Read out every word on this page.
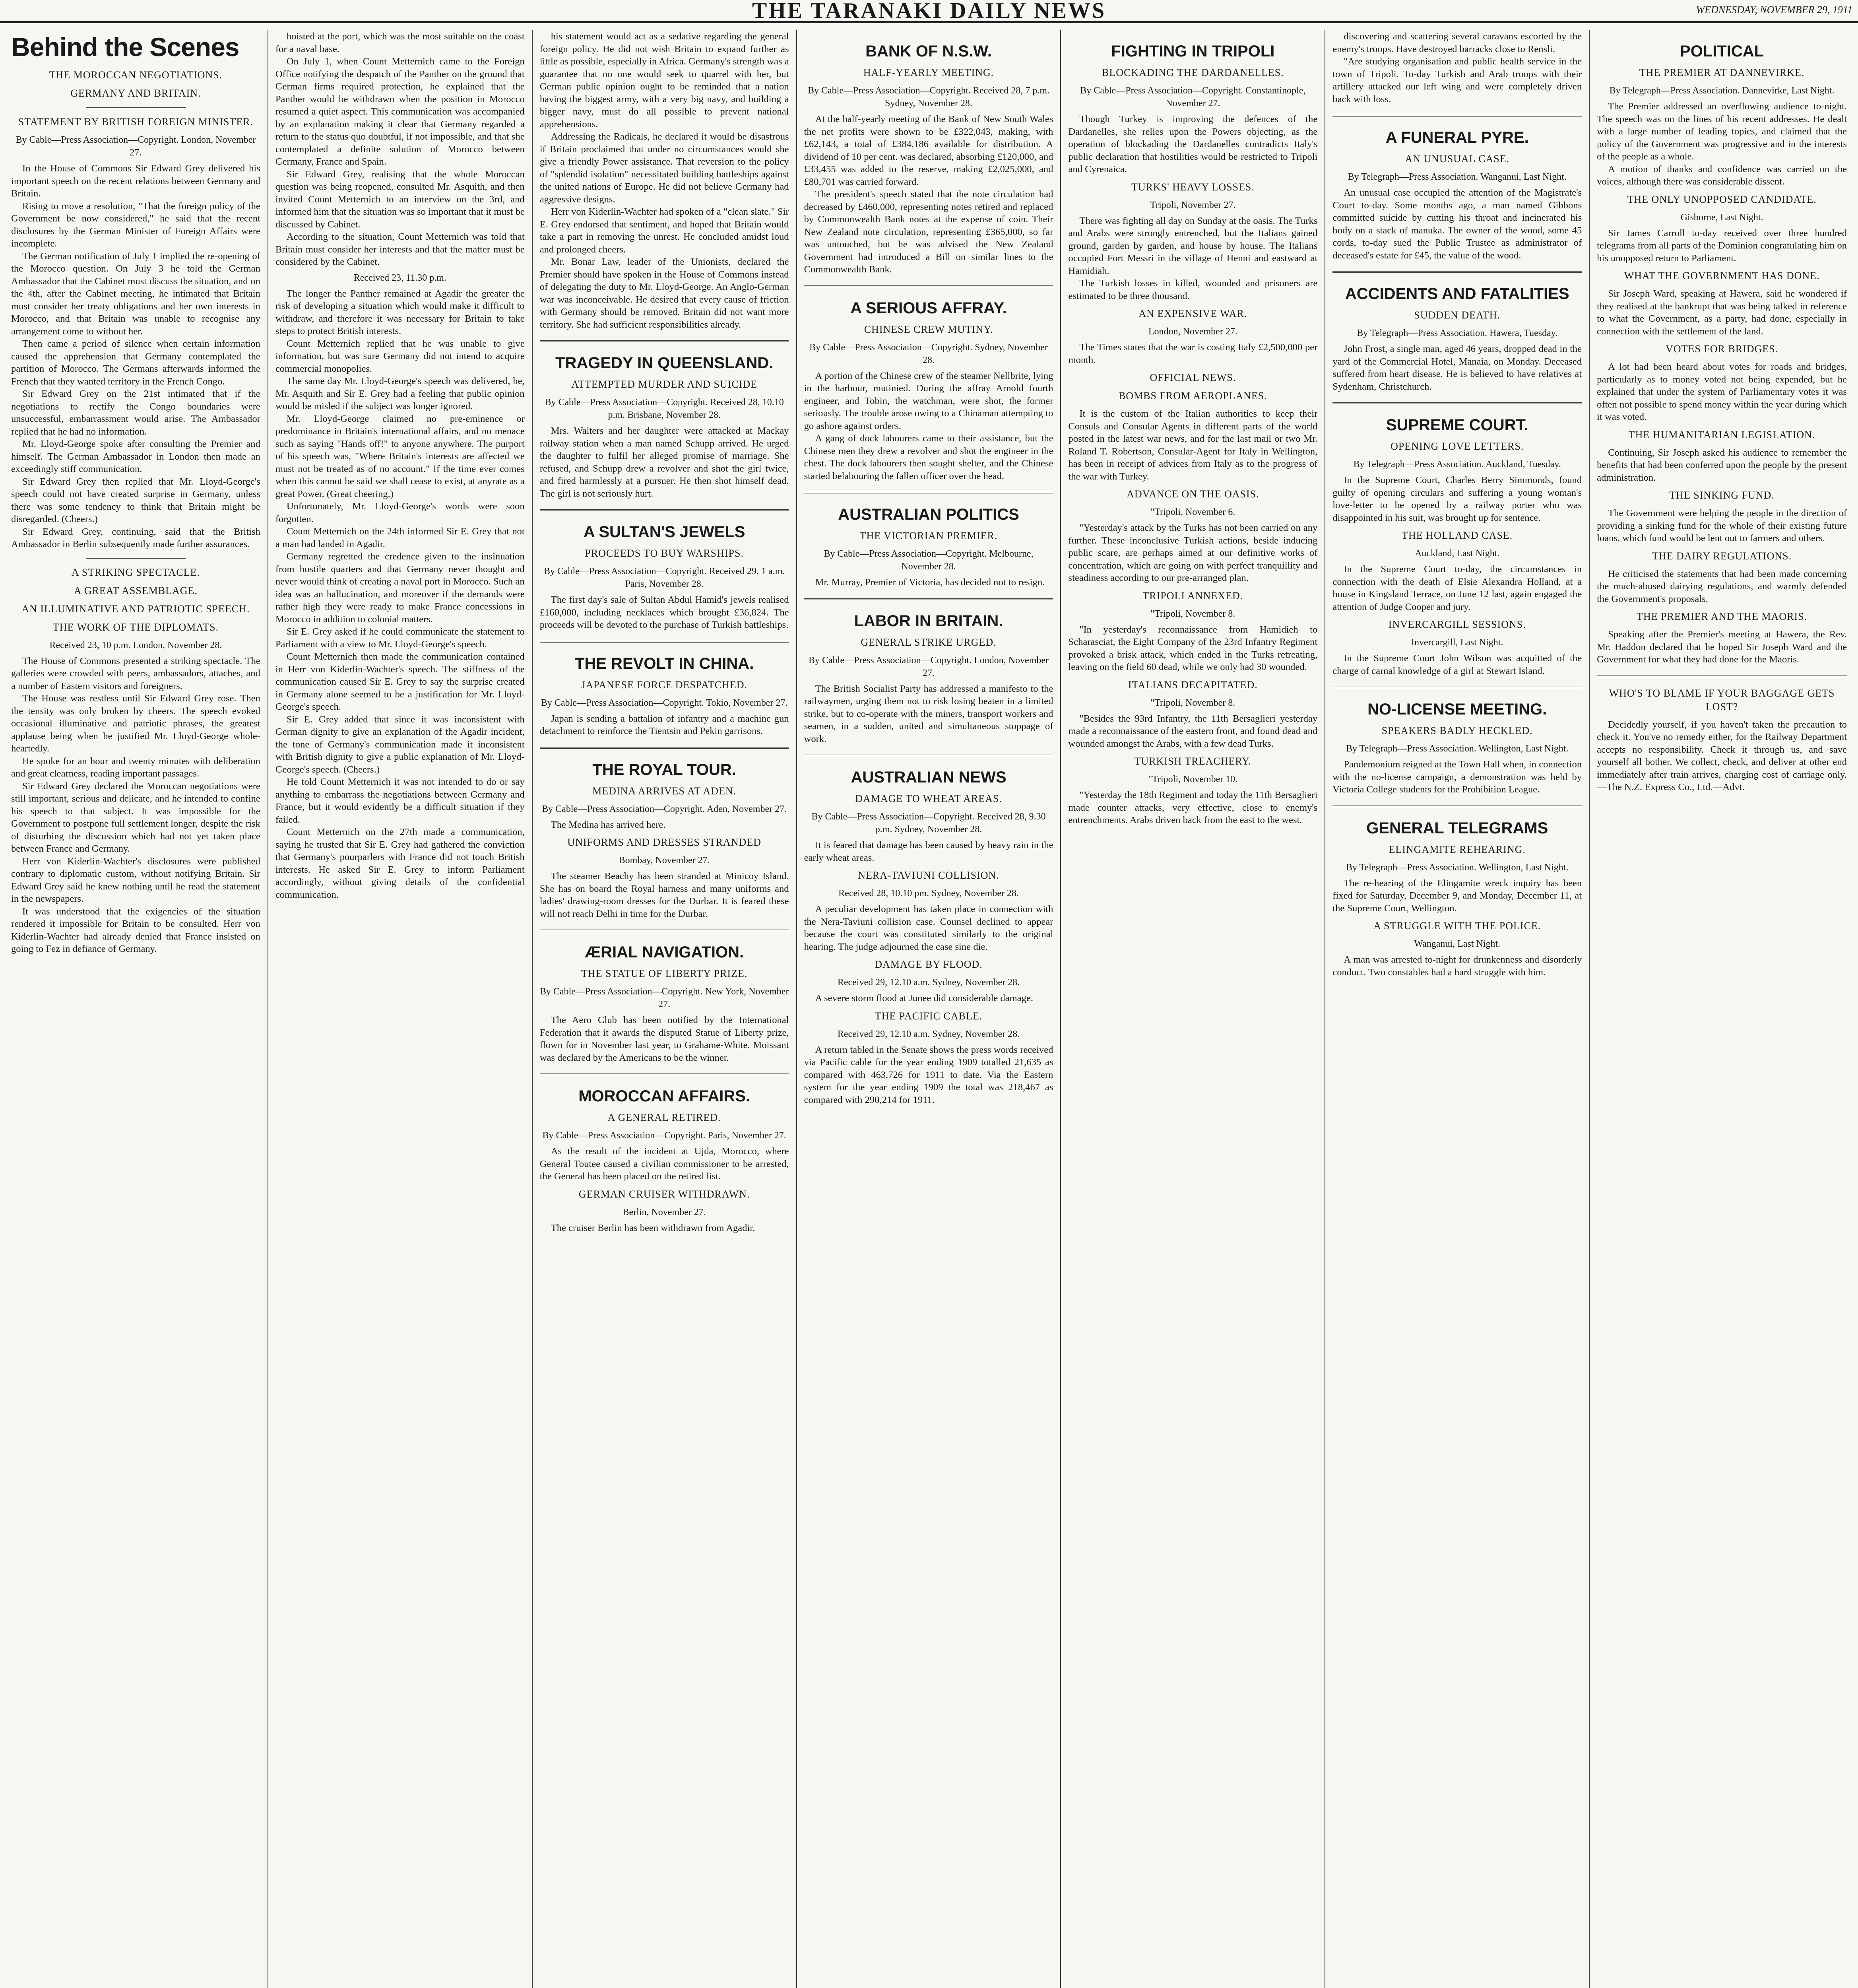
THE TARANAKI DAILY NEWS	WEDNESDAY, NOVEMBER 29, 1911
Behind the Scenes
THE MOROCCAN NEGOTIATIONS.
GERMANY AND BRITAIN.
STATEMENT BY BRITISH FOREIGN MINISTER.
By Cable—Press Association—Copyright. London, November 27.

In the House of Commons Sir Edward Grey delivered his important speech on the recent relations between Germany and Britain.

Rising to move a resolution, "That the foreign policy of the Government be now considered," he said that the recent disclosures by the German Minister of Foreign Affairs were incomplete.

The German notification of July 1 implied the re-opening of the Morocco question. On July 3 he told the German Ambassador that the Cabinet must discuss the situation, and on the 4th, after the Cabinet meeting, he intimated that Britain must consider her treaty obligations and her own interests in Morocco, and that Britain was unable to recognise any arrangement come to without her.

Then came a period of silence when certain information caused the apprehension that Germany contemplated the partition of Morocco. The Germans afterwards informed the French that they wanted territory in the French Congo.

Sir Edward Grey on the 21st intimated that if the negotiations to rectify the Congo boundaries were unsuccessful, embarrassment would arise. The Ambassador replied that he had no information.

Mr. Lloyd-George spoke after consulting the Premier and himself. The German Ambassador in London then made an exceedingly stiff communication.

Sir Edward Grey then replied that Mr. Lloyd-George's speech could not have created surprise in Germany, unless there was some tendency to think that Britain might be disregarded. (Cheers.)

Sir Edward Grey, continuing, said that the British Ambassador in Berlin subsequently made further assurances.

A STRIKING SPECTACLE.
A GREAT ASSEMBLAGE.
AN ILLUMINATIVE AND PATRIOTIC SPEECH.
THE WORK OF THE DIPLOMATS.
Received 23, 10 p.m. London, November 28.

The House of Commons presented a striking spectacle. The galleries were crowded with peers, ambassadors, attaches, and a number of Eastern visitors and foreigners.

The House was restless until Sir Edward Grey rose. Then the tensity was only broken by cheers. The speech evoked occasional illuminative and patriotic phrases, the greatest applause being when he justified Mr. Lloyd-George whole-heartedly.

He spoke for an hour and twenty minutes with deliberation and great clearness, reading important passages.

Sir Edward Grey declared the Moroccan negotiations were still important, serious and delicate, and he intended to confine his speech to that subject. It was impossible for the Government to postpone full settlement longer, despite the risk of disturbing the discussion which had not yet taken place between France and Germany.

Herr von Kiderlin-Wachter's disclosures were published contrary to diplomatic custom, without notifying Britain. Sir Edward Grey said he knew nothing until he read the statement in the newspapers.

It was understood that the exigencies of the situation rendered it impossible for Britain to be consulted. Herr von Kiderlin-Wachter had already denied that France insisted on going to Fez in defiance of Germany.

hoisted at the port, which was the most suitable on the coast for a naval base.

On July 1, when Count Metternich came to the Foreign Office notifying the despatch of the Panther on the ground that German firms required protection, he explained that the Panther would be withdrawn when the position in Morocco resumed a quiet aspect. This communication was accompanied by an explanation making it clear that Germany regarded a return to the status quo doubtful, if not impossible, and that she contemplated a definite solution of Morocco between Germany, France and Spain.

Sir Edward Grey, realising that the whole Moroccan question was being reopened, consulted Mr. Asquith, and then invited Count Metternich to an interview on the 3rd, and informed him that the situation was so important that it must be discussed by Cabinet.

According to the situation, Count Metternich was told that Britain must consider her interests and that the matter must be considered by the Cabinet.

Received 23, 11.30 p.m.

The longer the Panther remained at Agadir the greater the risk of developing a situation which would make it difficult to withdraw, and therefore it was necessary for Britain to take steps to protect British interests.

Count Metternich replied that he was unable to give information, but was sure Germany did not intend to acquire commercial monopolies.

The same day Mr. Lloyd-George's speech was delivered, he, Mr. Asquith and Sir E. Grey had a feeling that public opinion would be misled if the subject was longer ignored.

Mr. Lloyd-George claimed no pre-eminence or predominance in Britain's international affairs, and no menace such as saying "Hands off!" to anyone anywhere. The purport of his speech was, "Where Britain's interests are affected we must not be treated as of no account." If the time ever comes when this cannot be said we shall cease to exist, at anyrate as a great Power. (Great cheering.)

Unfortunately, Mr. Lloyd-George's words were soon forgotten.

Count Metternich on the 24th informed Sir E. Grey that not a man had landed in Agadir.

Germany regretted the credence given to the insinuation from hostile quarters and that Germany never thought and never would think of creating a naval port in Morocco. Such an idea was an hallucination, and moreover if the demands were rather high they were ready to make France concessions in Morocco in addition to colonial matters.

Sir E. Grey asked if he could communicate the statement to Parliament with a view to Mr. Lloyd-George's speech.

Count Metternich then made the communication contained in Herr von Kiderlin-Wachter's speech. The stiffness of the communication caused Sir E. Grey to say the surprise created in Germany alone seemed to be a justification for Mr. Lloyd-George's speech.

Sir E. Grey added that since it was inconsistent with German dignity to give an explanation of the Agadir incident, the tone of Germany's communication made it inconsistent with British dignity to give a public explanation of Mr. Lloyd-George's speech. (Cheers.)

He told Count Metternich it was not intended to do or say anything to embarrass the negotiations between Germany and France, but it would evidently be a difficult situation if they failed.

Count Metternich on the 27th made a communication, saying he trusted that Sir E. Grey had gathered the conviction that Germany's pourparlers with France did not touch British interests. He asked Sir E. Grey to inform Parliament accordingly, without giving details of the confidential communication.

his statement would act as a sedative regarding the general foreign policy. He did not wish Britain to expand further as little as possible, especially in Africa. Germany's strength was a guarantee that no one would seek to quarrel with her, but German public opinion ought to be reminded that a nation having the biggest army, with a very big navy, and building a bigger navy, must do all possible to prevent national apprehensions.

Addressing the Radicals, he declared it would be disastrous if Britain proclaimed that under no circumstances would she give a friendly Power assistance. That reversion to the policy of "splendid isolation" necessitated building battleships against the united nations of Europe. He did not believe Germany had aggressive designs.

Herr von Kiderlin-Wachter had spoken of a "clean slate." Sir E. Grey endorsed that sentiment, and hoped that Britain would take a part in removing the unrest. He concluded amidst loud and prolonged cheers.

Mr. Bonar Law, leader of the Unionists, declared the Premier should have spoken in the House of Commons instead of delegating the duty to Mr. Lloyd-George. An Anglo-German war was inconceivable. He desired that every cause of friction with Germany should be removed. Britain did not want more territory. She had sufficient responsibilities already.

TRAGEDY IN QUEENSLAND.
ATTEMPTED MURDER AND SUICIDE
By Cable—Press Association—Copyright. Received 28, 10.10 p.m. Brisbane, November 28.

Mrs. Walters and her daughter were attacked at Mackay railway station when a man named Schupp arrived. He urged the daughter to fulfil her alleged promise of marriage. She refused, and Schupp drew a revolver and shot the girl twice, and fired harmlessly at a pursuer. He then shot himself dead. The girl is not seriously hurt.

A SULTAN'S JEWELS
PROCEEDS TO BUY WARSHIPS.
By Cable—Press Association—Copyright. Received 29, 1 a.m. Paris, November 28.

The first day's sale of Sultan Abdul Hamid's jewels realised £160,000, including necklaces which brought £36,824. The proceeds will be devoted to the purchase of Turkish battleships.

THE REVOLT IN CHINA.
JAPANESE FORCE DESPATCHED.
By Cable—Press Association—Copyright. Tokio, November 27.

Japan is sending a battalion of infantry and a machine gun detachment to reinforce the Tientsin and Pekin garrisons.

THE ROYAL TOUR.
MEDINA ARRIVES AT ADEN.
By Cable—Press Association—Copyright. Aden, November 27.

The Medina has arrived here.

UNIFORMS AND DRESSES STRANDED
Bombay, November 27.

The steamer Beachy has been stranded at Minicoy Island. She has on board the Royal harness and many uniforms and ladies' drawing-room dresses for the Durbar. It is feared these will not reach Delhi in time for the Durbar.

ÆRIAL NAVIGATION.
THE STATUE OF LIBERTY PRIZE.
By Cable—Press Association—Copyright. New York, November 27.

The Aero Club has been notified by the International Federation that it awards the disputed Statue of Liberty prize, flown for in November last year, to Grahame-White. Moissant was declared by the Americans to be the winner.

MOROCCAN AFFAIRS.
A GENERAL RETIRED.
By Cable—Press Association—Copyright. Paris, November 27.

As the result of the incident at Ujda, Morocco, where General Toutee caused a civilian commissioner to be arrested, the General has been placed on the retired list.

GERMAN CRUISER WITHDRAWN.
Berlin, November 27.

The cruiser Berlin has been withdrawn from Agadir.

BANK OF N.S.W.
HALF-YEARLY MEETING.
By Cable—Press Association—Copyright. Received 28, 7 p.m. Sydney, November 28.

At the half-yearly meeting of the Bank of New South Wales the net profits were shown to be £322,043, making, with £62,143, a total of £384,186 available for distribution. A dividend of 10 per cent. was declared, absorbing £120,000, and £33,455 was added to the reserve, making £2,025,000, and £80,701 was carried forward.

The president's speech stated that the note circulation had decreased by £460,000, representing notes retired and replaced by Commonwealth Bank notes at the expense of coin. Their New Zealand note circulation, representing £365,000, so far was untouched, but he was advised the New Zealand Government had introduced a Bill on similar lines to the Commonwealth Bank.

A SERIOUS AFFRAY.
CHINESE CREW MUTINY.
By Cable—Press Association—Copyright. Sydney, November 28.

A portion of the Chinese crew of the steamer Nellbrite, lying in the harbour, mutinied. During the affray Arnold fourth engineer, and Tobin, the watchman, were shot, the former seriously. The trouble arose owing to a Chinaman attempting to go ashore against orders.

A gang of dock labourers came to their assistance, but the Chinese men they drew a revolver and shot the engineer in the chest. The dock labourers then sought shelter, and the Chinese started belabouring the fallen officer over the head.

AUSTRALIAN POLITICS
THE VICTORIAN PREMIER.
By Cable—Press Association—Copyright. Melbourne, November 28.

Mr. Murray, Premier of Victoria, has decided not to resign.

LABOR IN BRITAIN.
GENERAL STRIKE URGED.
By Cable—Press Association—Copyright. London, November 27.

The British Socialist Party has addressed a manifesto to the railwaymen, urging them not to risk losing beaten in a limited strike, but to co-operate with the miners, transport workers and seamen, in a sudden, united and simultaneous stoppage of work.

AUSTRALIAN NEWS
DAMAGE TO WHEAT AREAS.
By Cable—Press Association—Copyright. Received 28, 9.30 p.m. Sydney, November 28.

It is feared that damage has been caused by heavy rain in the early wheat areas.

NERA-TAVIUNI COLLISION.
Received 28, 10.10 pm. Sydney, November 28.

A peculiar development has taken place in connection with the Nera-Taviuni collision case. Counsel declined to appear because the court was constituted similarly to the original hearing. The judge adjourned the case sine die.

DAMAGE BY FLOOD.
Received 29, 12.10 a.m. Sydney, November 28.

A severe storm flood at Junee did considerable damage.

THE PACIFIC CABLE.
Received 29, 12.10 a.m. Sydney, November 28.

A return tabled in the Senate shows the press words received via Pacific cable for the year ending 1909 totalled 21,635 as compared with 463,726 for 1911 to date. Via the Eastern system for the year ending 1909 the total was 218,467 as compared with 290,214 for 1911.

FIGHTING IN TRIPOLI
BLOCKADING THE DARDANELLES.
By Cable—Press Association—Copyright. Constantinople, November 27.

Though Turkey is improving the defences of the Dardanelles, she relies upon the Powers objecting, as the operation of blockading the Dardanelles contradicts Italy's public declaration that hostilities would be restricted to Tripoli and Cyrenaica.

TURKS' HEAVY LOSSES.
Tripoli, November 27.

There was fighting all day on Sunday at the oasis. The Turks and Arabs were strongly entrenched, but the Italians gained ground, garden by garden, and house by house. The Italians occupied Fort Messri in the village of Henni and eastward at Hamidiah.

The Turkish losses in killed, wounded and prisoners are estimated to be three thousand.

AN EXPENSIVE WAR.
London, November 27.

The Times states that the war is costing Italy £2,500,000 per month.

OFFICIAL NEWS.
BOMBS FROM AEROPLANES.

It is the custom of the Italian authorities to keep their Consuls and Consular Agents in different parts of the world posted in the latest war news, and for the last mail or two Mr. Roland T. Robertson, Consular-Agent for Italy in Wellington, has been in receipt of advices from Italy as to the progress of the war with Turkey.

ADVANCE ON THE OASIS.
"Tripoli, November 6.

"Yesterday's attack by the Turks has not been carried on any further. These inconclusive Turkish actions, beside inducing public scare, are perhaps aimed at our definitive works of concentration, which are going on with perfect tranquillity and steadiness according to our pre-arranged plan.

TRIPOLI ANNEXED.
"Tripoli, November 8.

"In yesterday's reconnaissance from Hamidieh to Scharasciat, the Eight Company of the 23rd Infantry Regiment provoked a brisk attack, which ended in the Turks retreating, leaving on the field 60 dead, while we only had 30 wounded.

ITALIANS DECAPITATED.
"Tripoli, November 8.

"Besides the 93rd Infantry, the 11th Bersaglieri yesterday made a reconnaissance of the eastern front, and found dead and wounded amongst the Arabs, with a few dead Turks.

TURKISH TREACHERY.
"Tripoli, November 10.

"Yesterday the 18th Regiment and today the 11th Bersaglieri made counter attacks, very effective, close to enemy's entrenchments. Arabs driven back from the east to the west.

discovering and scattering several caravans escorted by the enemy's troops. Have destroyed barracks close to Rensli.

"Are studying organisation and public health service in the town of Tripoli. To-day Turkish and Arab troops with their artillery attacked our left wing and were completely driven back with loss.

A FUNERAL PYRE.
AN UNUSUAL CASE.
By Telegraph—Press Association. Wanganui, Last Night.

An unusual case occupied the attention of the Magistrate's Court to-day. Some months ago, a man named Gibbons committed suicide by cutting his throat and incinerated his body on a stack of manuka. The owner of the wood, some 45 cords, to-day sued the Public Trustee as administrator of deceased's estate for £45, the value of the wood.

ACCIDENTS AND FATALITIES
SUDDEN DEATH.
By Telegraph—Press Association. Hawera, Tuesday.

John Frost, a single man, aged 46 years, dropped dead in the yard of the Commercial Hotel, Manaia, on Monday. Deceased suffered from heart disease. He is believed to have relatives at Sydenham, Christchurch.

SUPREME COURT.
OPENING LOVE LETTERS.
By Telegraph—Press Association. Auckland, Tuesday.

In the Supreme Court, Charles Berry Simmonds, found guilty of opening circulars and suffering a young woman's love-letter to be opened by a railway porter who was disappointed in his suit, was brought up for sentence.

THE HOLLAND CASE.
Auckland, Last Night.

In the Supreme Court to-day, the circumstances in connection with the death of Elsie Alexandra Holland, at a house in Kingsland Terrace, on June 12 last, again engaged the attention of Judge Cooper and jury.

INVERCARGILL SESSIONS.
Invercargill, Last Night.

In the Supreme Court John Wilson was acquitted of the charge of carnal knowledge of a girl at Stewart Island.

NO-LICENSE MEETING.
SPEAKERS BADLY HECKLED.
By Telegraph—Press Association. Wellington, Last Night.

Pandemonium reigned at the Town Hall when, in connection with the no-license campaign, a demonstration was held by Victoria College students for the Prohibition League.

GENERAL TELEGRAMS
ELINGAMITE REHEARING.
By Telegraph—Press Association. Wellington, Last Night.

The re-hearing of the Elingamite wreck inquiry has been fixed for Saturday, December 9, and Monday, December 11, at the Supreme Court, Wellington.

A STRUGGLE WITH THE POLICE.
Wanganui, Last Night.

A man was arrested to-night for drunkenness and disorderly conduct. Two constables had a hard struggle with him.

POLITICAL
THE PREMIER AT DANNEVIRKE.
By Telegraph—Press Association. Dannevirke, Last Night.

The Premier addressed an overflowing audience to-night. The speech was on the lines of his recent addresses. He dealt with a large number of leading topics, and claimed that the policy of the Government was progressive and in the interests of the people as a whole.

A motion of thanks and confidence was carried on the voices, although there was considerable dissent.

THE ONLY UNOPPOSED CANDIDATE.
Gisborne, Last Night.

Sir James Carroll to-day received over three hundred telegrams from all parts of the Dominion congratulating him on his unopposed return to Parliament.

WHAT THE GOVERNMENT HAS DONE.

Sir Joseph Ward, speaking at Hawera, said he wondered if they realised at the bankrupt that was being talked in reference to what the Government, as a party, had done, especially in connection with the settlement of the land.

VOTES FOR BRIDGES.

A lot had been heard about votes for roads and bridges, particularly as to money voted not being expended, but he explained that under the system of Parliamentary votes it was often not possible to spend money within the year during which it was voted.

THE HUMANITARIAN LEGISLATION.

Continuing, Sir Joseph asked his audience to remember the benefits that had been conferred upon the people by the present administration.

THE SINKING FUND.

The Government were helping the people in the direction of providing a sinking fund for the whole of their existing future loans, which fund would be lent out to farmers and others.

THE DAIRY REGULATIONS.

He criticised the statements that had been made concerning the much-abused dairying regulations, and warmly defended the Government's proposals.

THE PREMIER AND THE MAORIS.

Speaking after the Premier's meeting at Hawera, the Rev. Mr. Haddon declared that he hoped Sir Joseph Ward and the Government for what they had done for the Maoris.

WHO'S TO BLAME IF YOUR BAGGAGE GETS LOST?

Decidedly yourself, if you haven't taken the precaution to check it. You've no remedy either, for the Railway Department accepts no responsibility. Check it through us, and save yourself all bother. We collect, check, and deliver at other end immediately after train arrives, charging cost of carriage only.—The N.Z. Express Co., Ltd.—Advt.
